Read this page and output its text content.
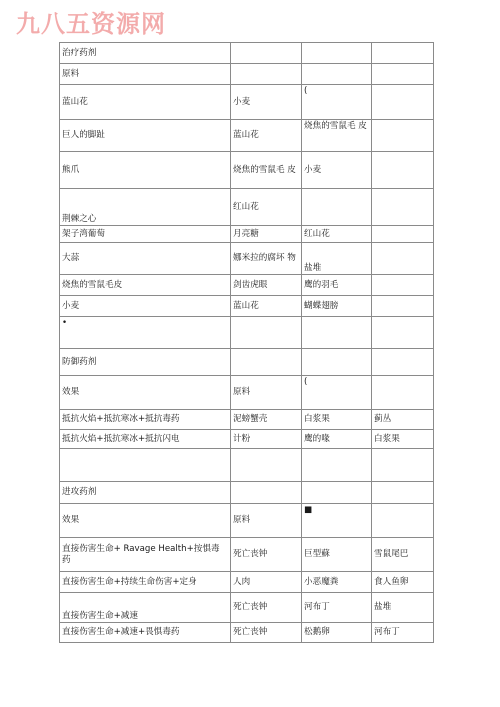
九八五资源网
治疗药剂			
原料			
蓝山花	小麦	(	
巨人的脚趾	蓝山花	烧焦的雪鼠毛 皮	
熊爪	烧焦的雪鼠毛 皮	小麦	
荆棘之心	红山花		
架子湾葡萄	月亮糖	红山花	
大蒜	娜米拉的腐坏 物	盐堆	
烧焦的雪鼠毛皮	剑齿虎眼	鹰的羽毛	
小麦	蓝山花	蝴蝶翅膀	
•			
防御药剂			
效果	原料	(	
抵抗火焰+抵抗寒冰+抵抗毒药	泥螃蟹壳	白浆果	蓟丛
抵抗火焰+抵抗寒冰+抵抗闪电	计粉	鹰的喙	白浆果

进攻药剂			
效果	原料	■	
直接伤害生命+ Ravage Health+按惧毒 药	死亡丧钟	巨型蘇	雪鼠尾巴
直接伤害生命+持续生命伤害+定身	人肉	小恶魔粪	食人鱼卵
直接伤害生命+减速	死亡丧钟	河布丁	盐堆
直接伤害生命+减速+畏惧毒药	死亡丧钟	松鹅卵	河布丁
